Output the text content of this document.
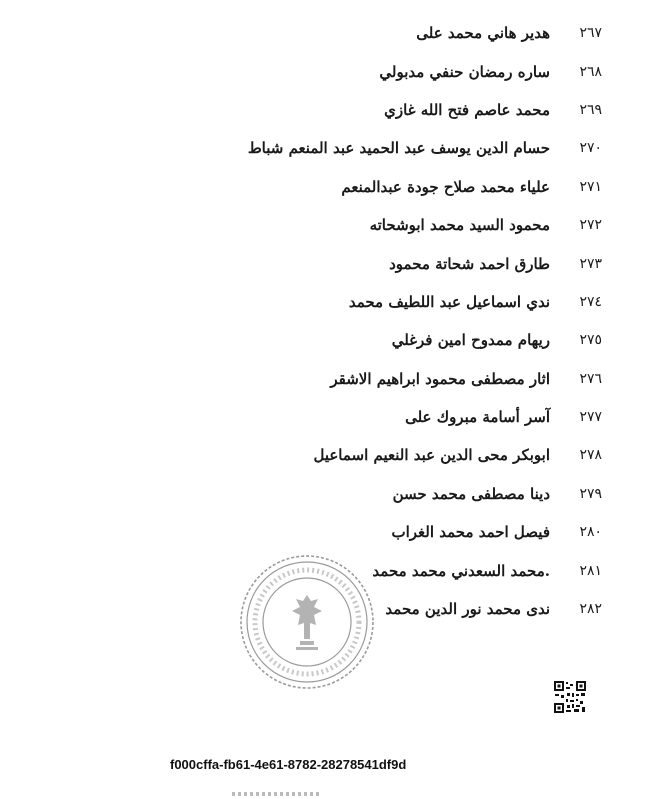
٢٦٧
هدير هاني محمد على
٢٦٨
ساره رمضان حنفي مدبولي
٢٦٩
محمد عاصم فتح الله غازي
٢٧٠
حسام الدين يوسف عبد الحميد عبد المنعم شباط
٢٧١
علياء محمد صلاح جودة عبدالمنعم
٢٧٢
محمود السيد محمد ابوشحاته
٢٧٣
طارق احمد شحاتة محمود
٢٧٤
ندي اسماعيل عبد اللطيف محمد
٢٧٥
ريهام ممدوح امين فرغلي
٢٧٦
اثار مصطفى محمود ابراهيم الاشقر
٢٧٧
آسر أسامة مبروك على
٢٧٨
ابوبكر محى الدين عبد النعيم اسماعيل
٢٧٩
دينا مصطفى محمد حسن
٢٨٠
فيصل احمد محمد الغراب
٢٨١
.محمد السعدني محمد محمد
٢٨٢
ندى محمد نور الدين محمد
f000cffa-fb61-4e61-8782-28278541df9d
